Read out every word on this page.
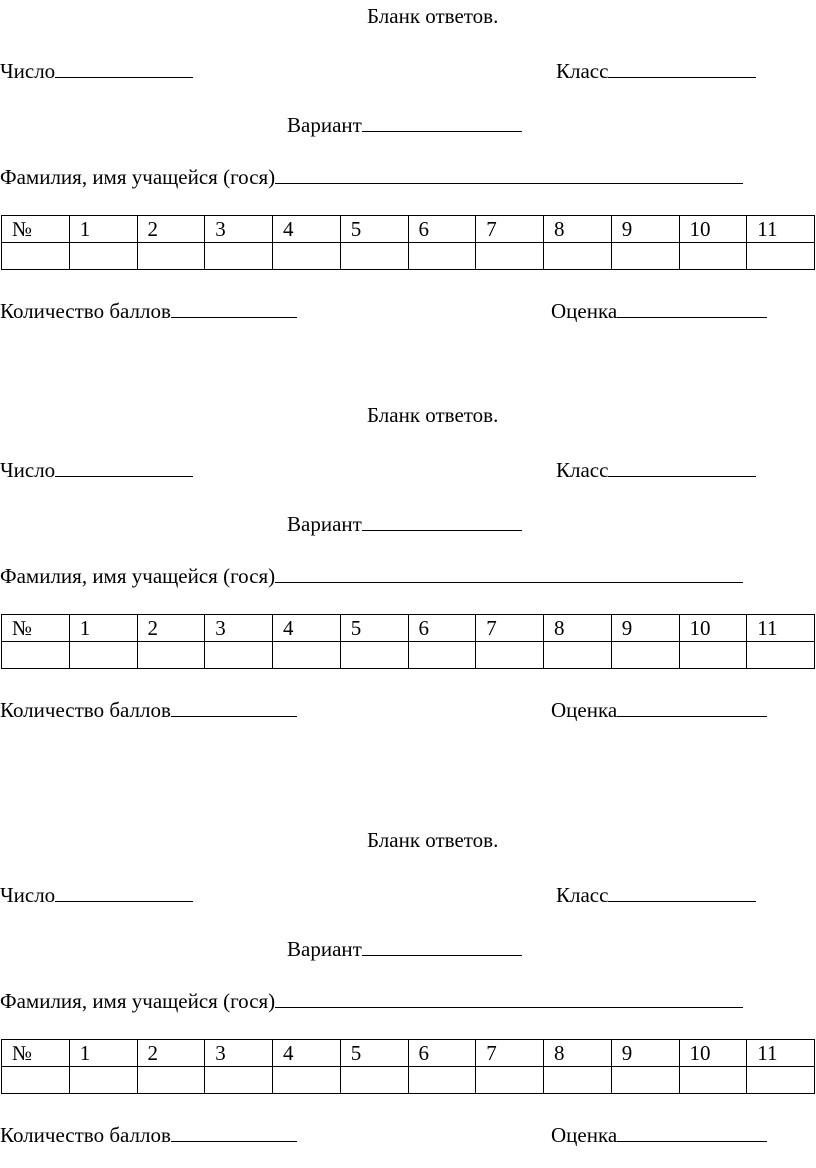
Бланк ответов.
Число	Класс
Вариант
Фамилия, имя учащейся (гося)
№	1	2	3	4	5	6	7	8	9	10	11

Количество баллов	Оценка
Бланк ответов.
Число	Класс
Вариант
Фамилия, имя учащейся (гося)
№	1	2	3	4	5	6	7	8	9	10	11

Количество баллов	Оценка
Бланк ответов.
Число	Класс
Вариант
Фамилия, имя учащейся (гося)
№	1	2	3	4	5	6	7	8	9	10	11

Количество баллов	Оценка
